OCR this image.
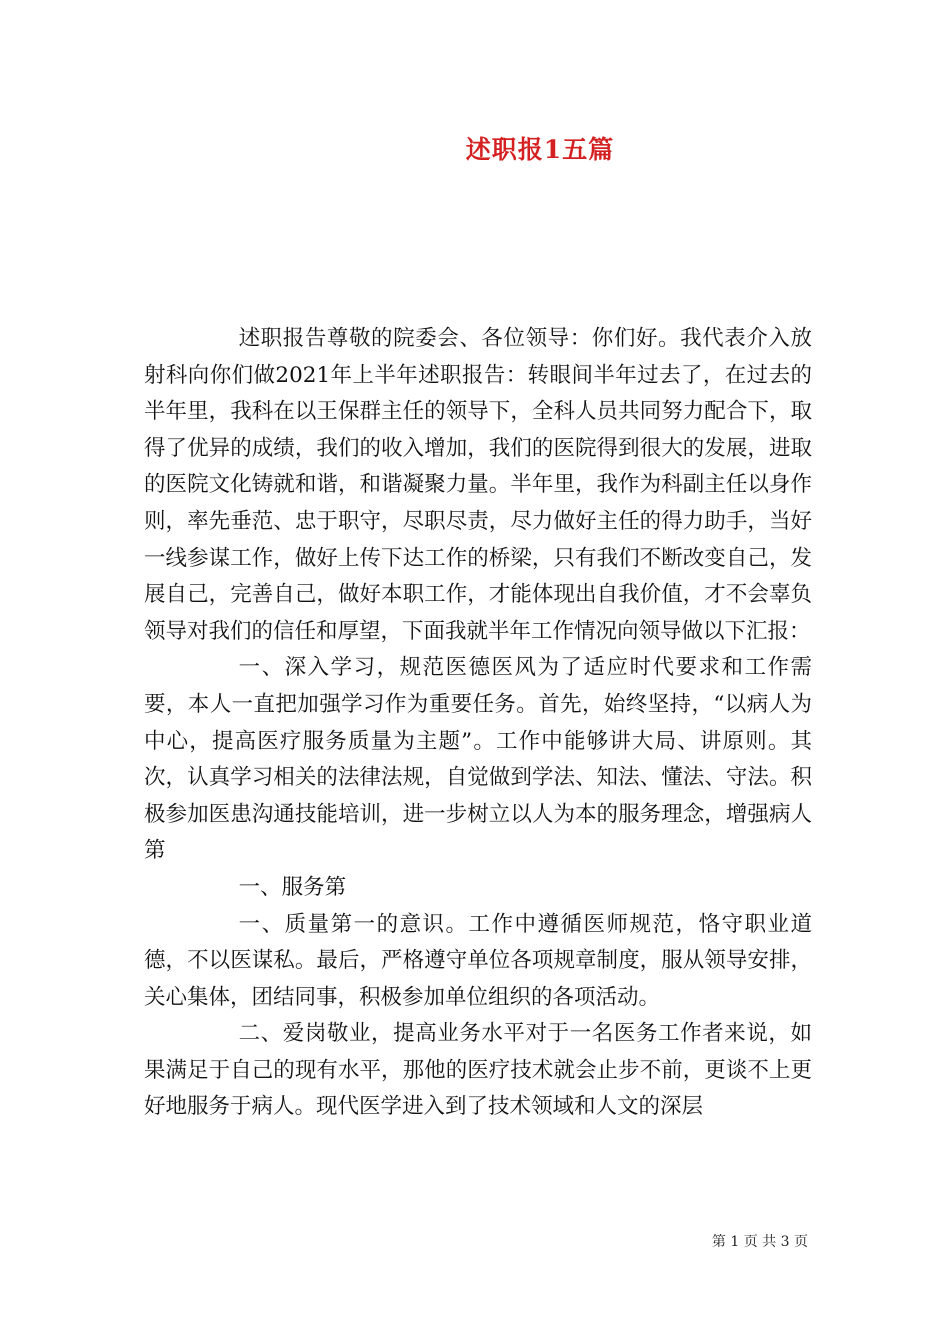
述职报1五篇

述职报告尊敬的院委会、各位领导：你们好。我代表介入放射科向你们做2021年上半年述职报告：转眼间半年过去了，在过去的半年里，我科在以王保群主任的领导下，全科人员共同努力配合下，取得了优异的成绩，我们的收入增加，我们的医院得到很大的发展，进取的医院文化铸就和谐，和谐凝聚力量。半年里，我作为科副主任以身作则，率先垂范、忠于职守，尽职尽责，尽力做好主任的得力助手，当好一线参谋工作，做好上传下达工作的桥梁，只有我们不断改变自己，发展自己，完善自己，做好本职工作，才能体现出自我价值，才不会辜负领导对我们的信任和厚望，下面我就半年工作情况向领导做以下汇报：

一、深入学习，规范医德医风为了适应时代要求和工作需要，本人一直把加强学习作为重要任务。首先，始终坚持，“以病人为中心，提高医疗服务质量为主题”。工作中能够讲大局、讲原则。其次，认真学习相关的法律法规，自觉做到学法、知法、懂法、守法。积极参加医患沟通技能培训，进一步树立以人为本的服务理念，增强病人第

一、服务第

一、质量第一的意识。工作中遵循医师规范，恪守职业道德，不以医谋私。最后，严格遵守单位各项规章制度，服从领导安排，关心集体，团结同事，积极参加单位组织的各项活动。

二、爱岗敬业，提高业务水平对于一名医务工作者来说，如果满足于自己的现有水平，那他的医疗技术就会止步不前，更谈不上更好地服务于病人。现代医学进入到了技术领域和人文的深层

第 1 页 共 3 页
